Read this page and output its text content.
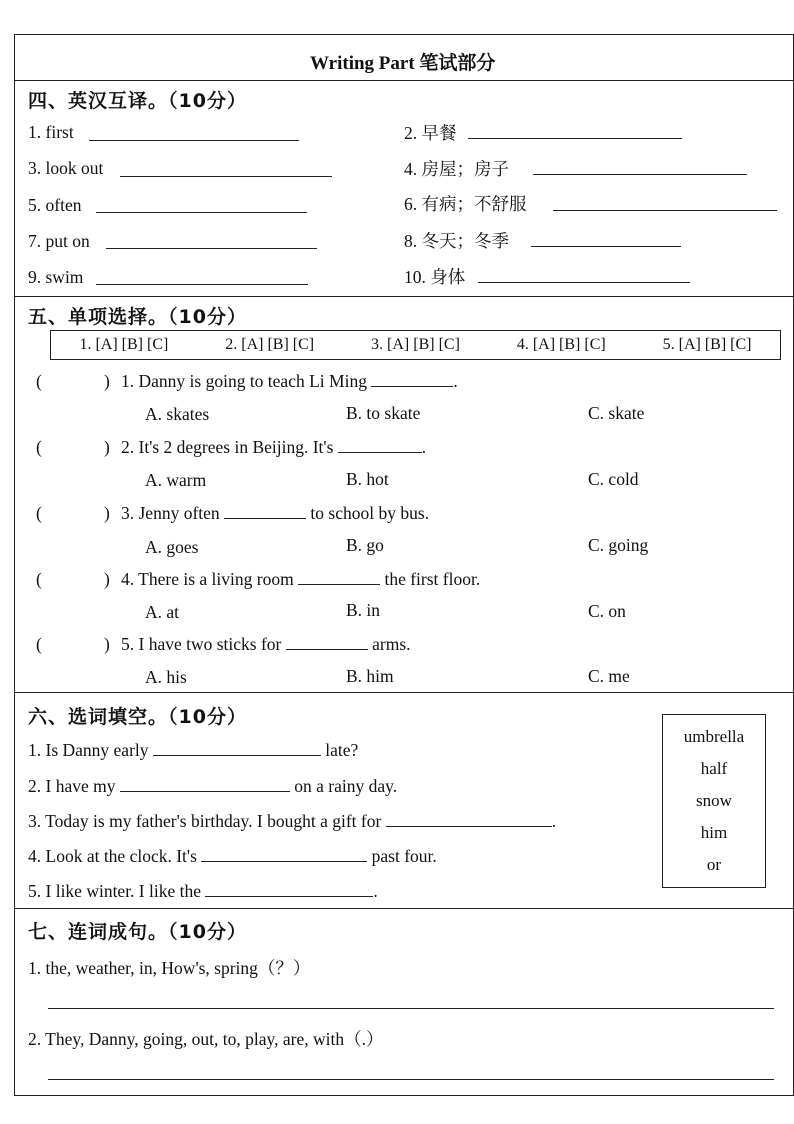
Writing Part 笔试部分
四、英汉互译。（10分）
1. first	2. 早餐
3. look out	4. 房屋；房子
5. often	6. 有病；不舒服
7. put on	8. 冬天；冬季
9. swim	10. 身体
五、单项选择。（10分）
1. [A] [B] [C]	2. [A] [B] [C]	3. [A] [B] [C]	4. [A] [B] [C]	5. [A] [B] [C]
(	) 1. Danny is going to teach Li Ming	.
A. skates	B. to skate	C. skate
(	) 2. It's 2 degrees in Beijing. It's	.
A. warm	B. hot	C. cold
(	) 3. Jenny often	to school by bus.
A. goes	B. go	C. going
(	) 4. There is a living room	the first floor.
A. at	B. in	C. on
(	) 5. I have two sticks for	arms.
A. his	B. him	C. me
六、选词填空。（10分）
umbrella
half
snow
him
or
1. Is Danny early	late?
2. I have my	on a rainy day.
3. Today is my father's birthday. I bought a gift for	.
4. Look at the clock. It's	past four.
5. I like winter. I like the	.
七、连词成句。（10分）
1. the, weather, in, How's, spring（？）
2. They, Danny, going, out, to, play, are, with（.）
